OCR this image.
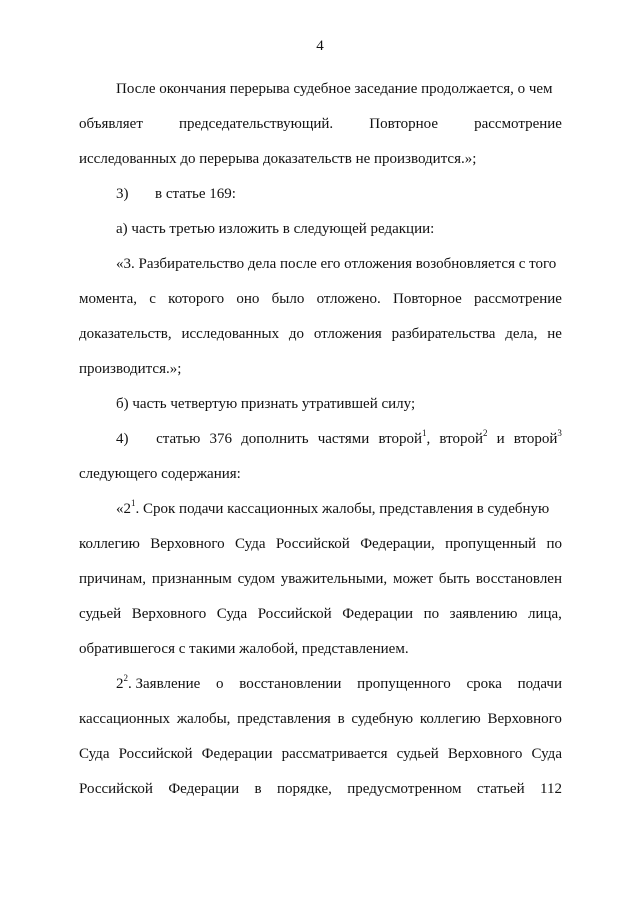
4
После окончания перерыва судебное заседание продолжается, о чем
объявляет председательствующий. Повторное рассмотрение
исследованных до перерыва доказательств не производится.»;
3) в статье 169:
а) часть третью изложить в следующей редакции:
«3. Разбирательство дела после его отложения возобновляется с того
момента, с которого оно было отложено. Повторное рассмотрение
доказательств, исследованных до отложения разбирательства дела, не
производится.»;
б) часть четвертую признать утратившей силу;
4)	статью 376 дополнить частями второй$^1$, второй$^2$ и второй$^3$
следующего содержания:
«$2^1$. Срок подачи кассационных жалобы, представления в судебную
коллегию Верховного Суда Российской Федерации, пропущенный по
причинам, признанным судом уважительными, может быть восстановлен
судьей Верховного Суда Российской Федерации по заявлению лица,
обратившегося с такими жалобой, представлением.
$2^2$. Заявление о восстановлении пропущенного срока подачи
кассационных жалобы, представления в судебную коллегию Верховного
Суда Российской Федерации рассматривается судьей Верховного Суда
Российской Федерации в порядке, предусмотренном статьей 112
